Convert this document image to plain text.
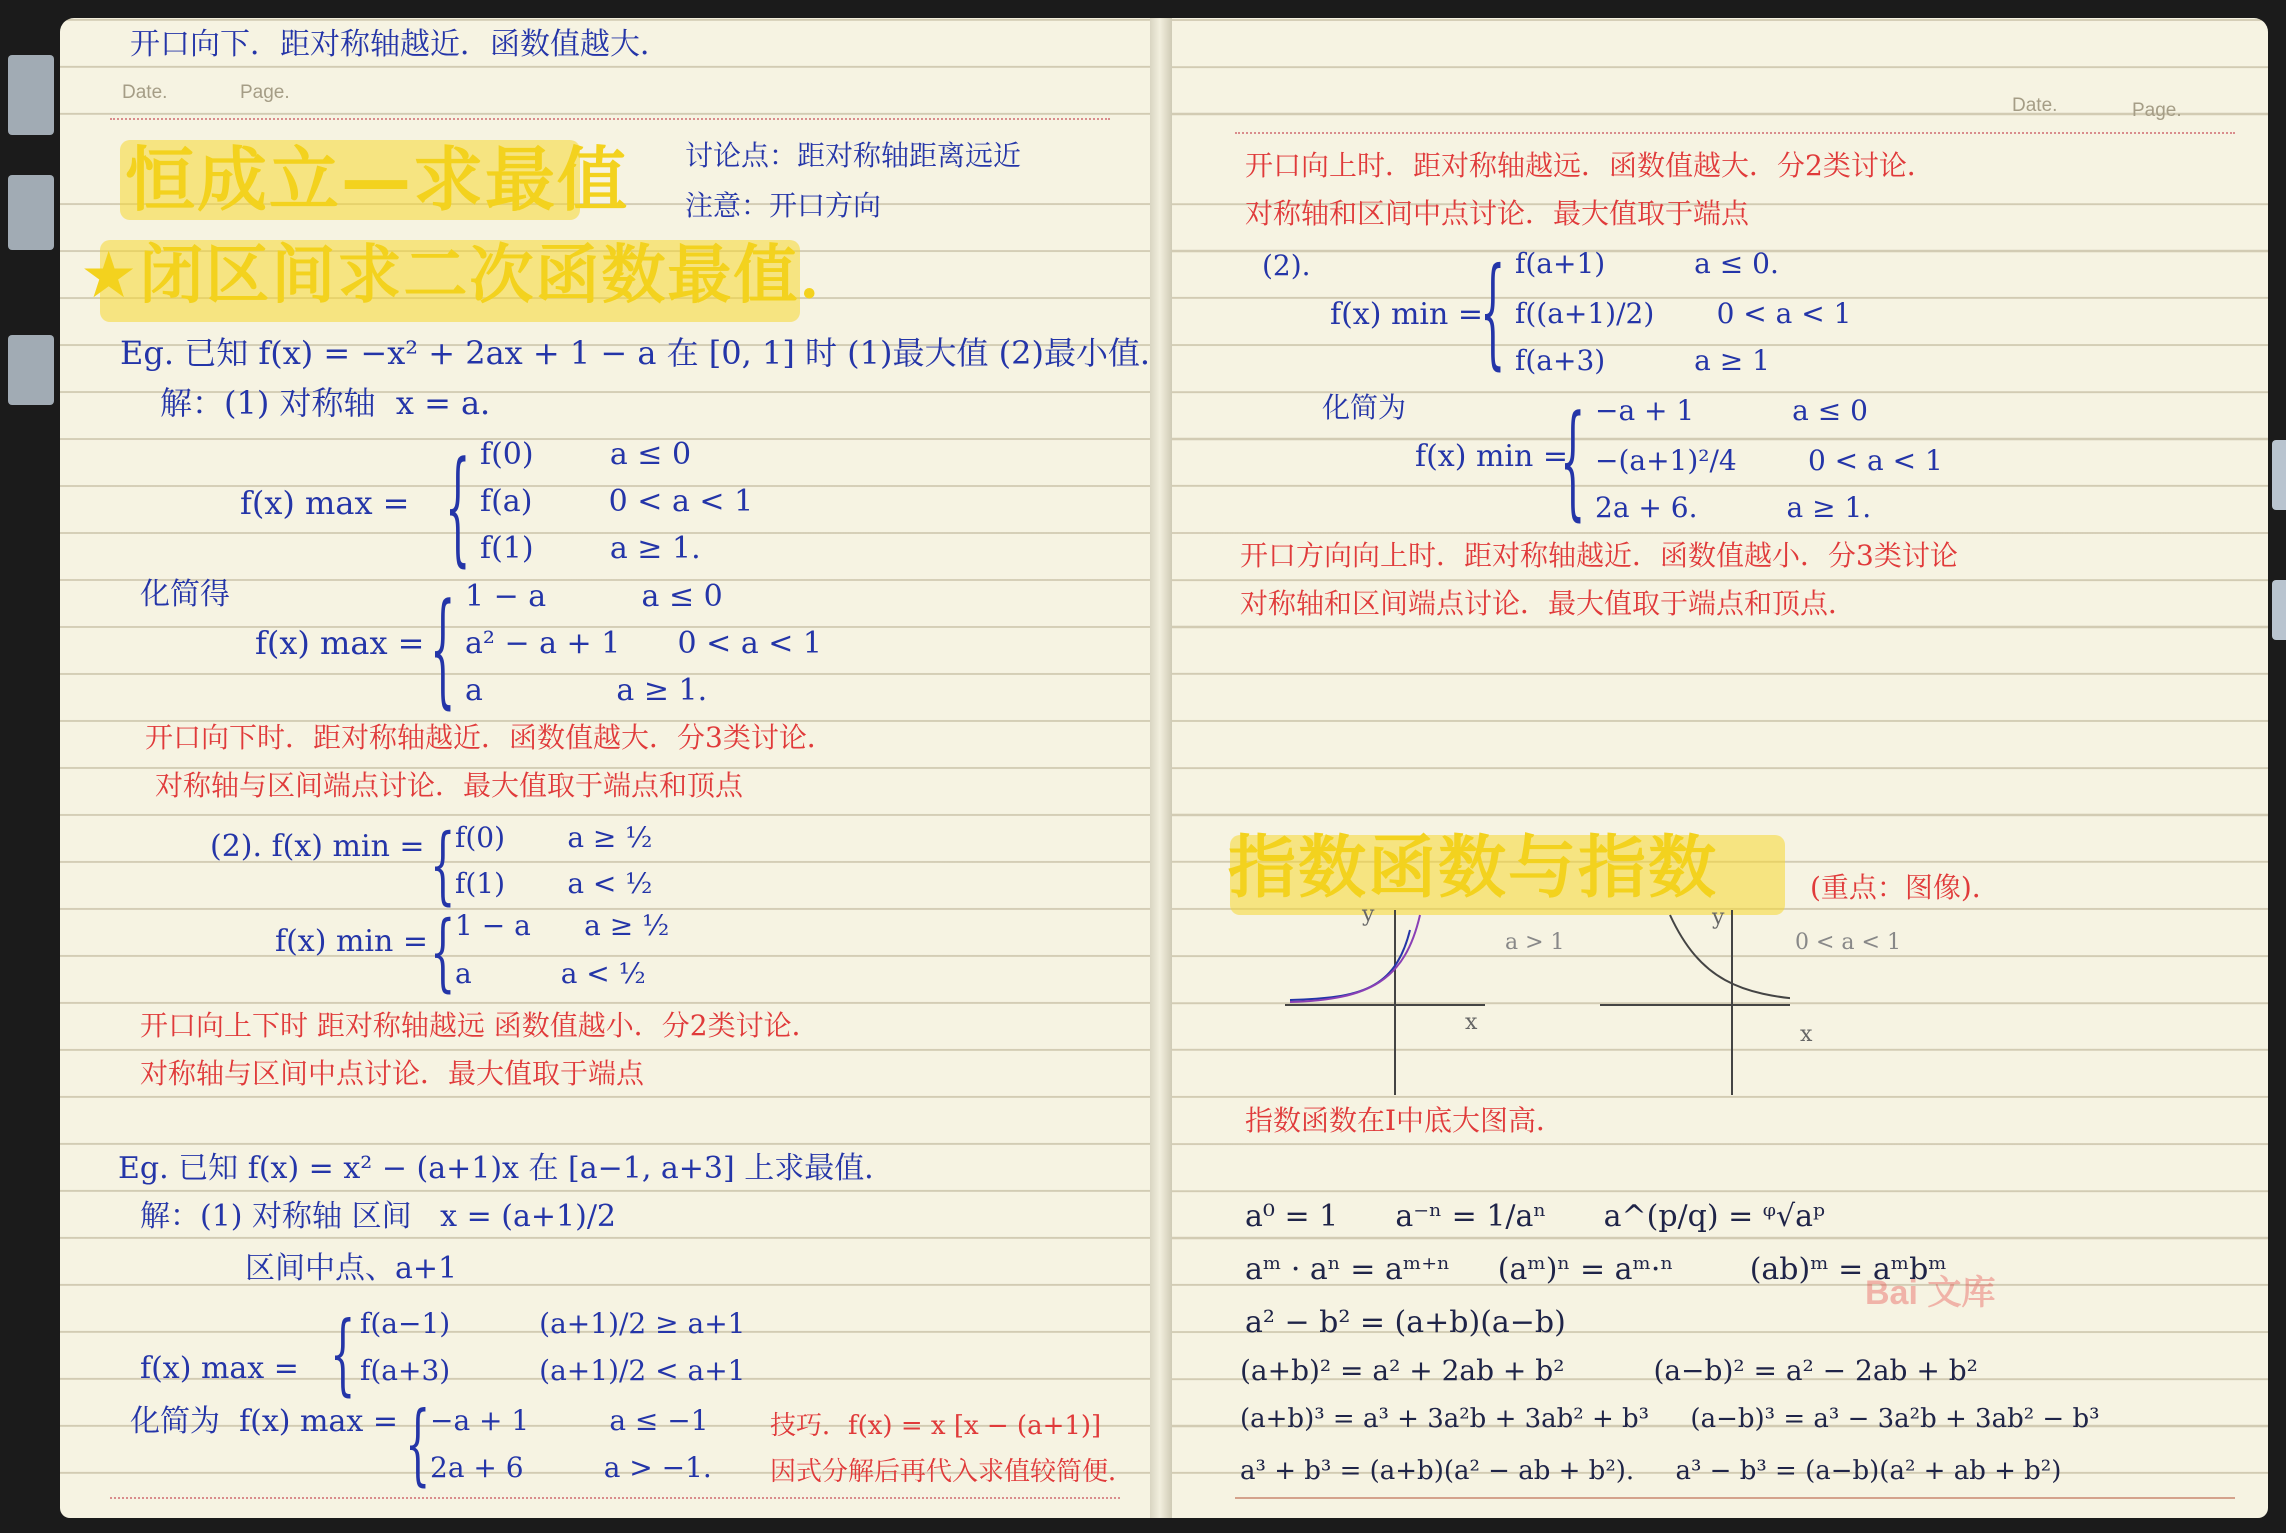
开口向下．距对称轴越近．函数值越大．
Date.	Page.
恒成立—求最值
★闭区间求二次函数最值．
讨论点：距对称轴距离远近
注意：开口方向
Eg. 已知 f(x) = −x² + 2ax + 1 − a 在 [0, 1] 时 (1)最大值 (2)最小值．
解：(1) 对称轴  x = a．
f(x) max = { f(0)        a ≤ 0
f(a)        0 < a < 1
f(1)        a ≥ 1.
化简得
f(x) max = { 1 − a          a ≤ 0
a² − a + 1      0 < a < 1
a              a ≥ 1.
开口向下时．距对称轴越近．函数值越大．分3类讨论．
对称轴与区间端点讨论．最大值取于端点和顶点
(2). f(x) min = { f(0)       a ≥ ½
f(1)       a < ½
f(x) min = { 1 − a      a ≥ ½
a          a < ½
开口向上下时 距对称轴越远 函数值越小．分2类讨论．
对称轴与区间中点讨论．最大值取于端点
Eg. 已知 f(x) = x² − (a+1)x 在 [a−1, a+3] 上求最值．
解：(1) 对称轴 区间   x = (a+1)/2
区间中点、a+1
f(x) max = { f(a−1)          (a+1)/2 ≥ a+1
f(a+3)          (a+1)/2 < a+1
化简为  f(x) max = { −a + 1         a ≤ −1
2a + 6         a > −1.
技巧．f(x) = x [x − (a+1)]
因式分解后再代入求值较简便．
Date.	Page.
开口向上时．距对称轴越远．函数值越大．分2类讨论．
对称轴和区间中点讨论．最大值取于端点
(2).
f(x) min =
{ f(a+1)          a ≤ 0.
f((a+1)/2)       0 < a < 1
f(a+3)          a ≥ 1
化简为
f(x) min =
{ −a + 1           a ≤ 0
−(a+1)²/4        0 < a < 1
2a + 6.          a ≥ 1.
开口方向向上时．距对称轴越近．函数值越小．分3类讨论
对称轴和区间端点讨论．最大值取于端点和顶点．
指数函数与指数	(重点：图像)．
a > 1	0 < a < 1
x	x
y	y
指数函数在Ⅰ中底大图高．
a⁰ = 1      a⁻ⁿ = 1/aⁿ      a^(p/q) = ᵠ√aᵖ
aᵐ · aⁿ = aᵐ⁺ⁿ     (aᵐ)ⁿ = aᵐ·ⁿ        (ab)ᵐ = aᵐbᵐ
a² − b² = (a+b)(a−b)
(a+b)² = a² + 2ab + b²          (a−b)² = a² − 2ab + b²
(a+b)³ = a³ + 3a²b + 3ab² + b³     (a−b)³ = a³ − 3a²b + 3ab² − b³
a³ + b³ = (a+b)(a² − ab + b²).     a³ − b³ = (a−b)(a² + ab + b²)
Bai 文库
